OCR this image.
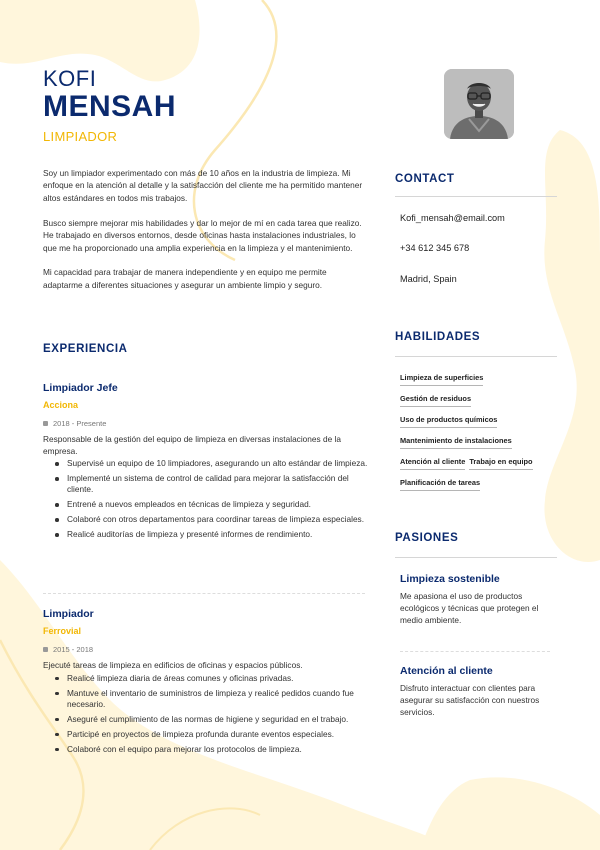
KOFI
MENSAH
LIMPIADOR

Soy un limpiador experimentado con más de 10 años en la industria de limpieza. Mi enfoque en la atención al detalle y la satisfacción del cliente me ha permitido mantener altos estándares en todos mis trabajos.

Busco siempre mejorar mis habilidades y dar lo mejor de mí en cada tarea que realizo. He trabajado en diversos entornos, desde oficinas hasta instalaciones industriales, lo que me ha proporcionado una amplia experiencia en la limpieza y el mantenimiento.

Mi capacidad para trabajar de manera independiente y en equipo me permite adaptarme a diferentes situaciones y asegurar un ambiente limpio y seguro.

EXPERIENCIA
Limpiador Jefe
Acciona
2018 - Presente
Responsable de la gestión del equipo de limpieza en diversas instalaciones de la empresa.
Supervisé un equipo de 10 limpiadores, asegurando un alto estándar de limpieza.
Implementé un sistema de control de calidad para mejorar la satisfacción del cliente.
Entrené a nuevos empleados en técnicas de limpieza y seguridad.
Colaboré con otros departamentos para coordinar tareas de limpieza especiales.
Realicé auditorías de limpieza y presenté informes de rendimiento.
Limpiador
Ferrovial
2015 - 2018
Ejecuté tareas de limpieza en edificios de oficinas y espacios públicos.
Realicé limpieza diaria de áreas comunes y oficinas privadas.
Mantuve el inventario de suministros de limpieza y realicé pedidos cuando fue necesario.
Aseguré el cumplimiento de las normas de higiene y seguridad en el trabajo.
Participé en proyectos de limpieza profunda durante eventos especiales.
Colaboré con el equipo para mejorar los protocolos de limpieza.
CONTACT
Kofi_mensah@email.com
+34 612 345 678
Madrid, Spain
HABILIDADES
Limpieza de superficies
Gestión de residuos
Uso de productos químicos
Mantenimiento de instalaciones
Atención al cliente Trabajo en equipo
Planificación de tareas
PASIONES
Limpieza sostenible
Me apasiona el uso de productos ecológicos y técnicas que protegen el medio ambiente.
Atención al cliente
Disfruto interactuar con clientes para asegurar su satisfacción con nuestros servicios.
